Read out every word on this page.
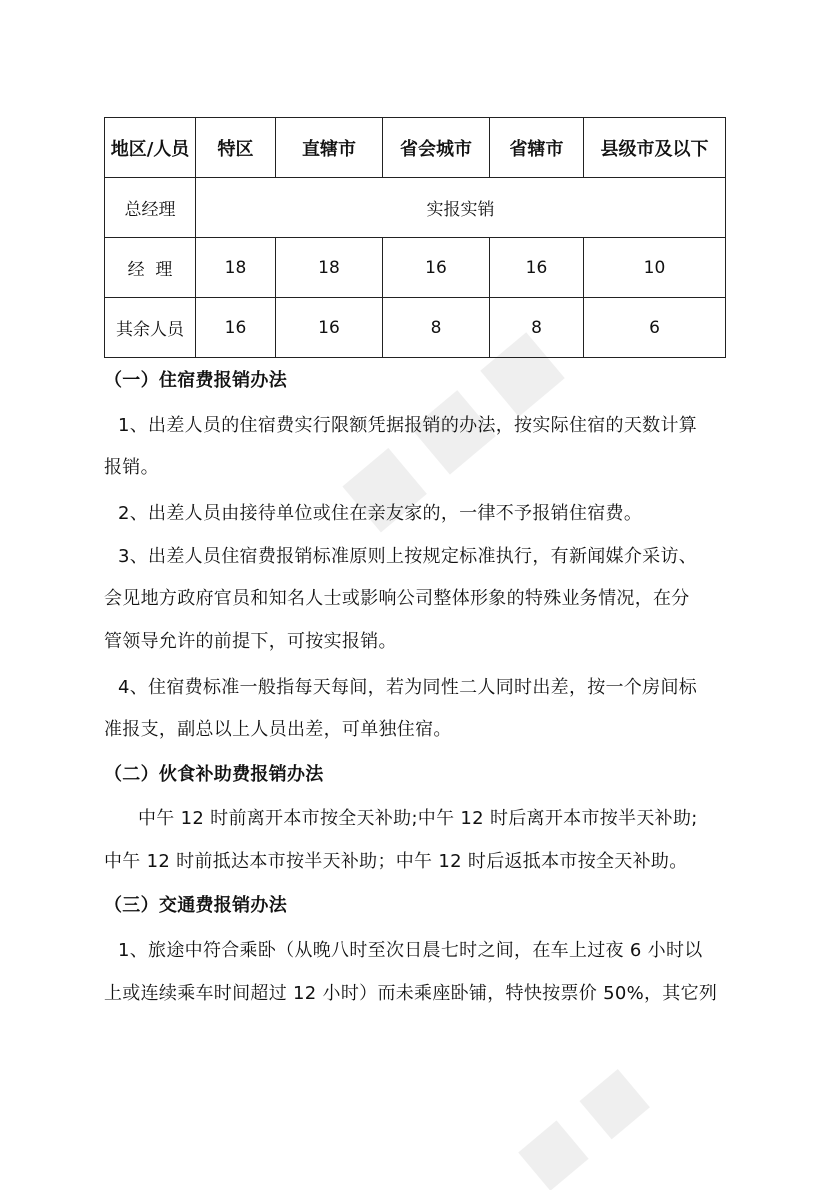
地区/人员	特区	直辖市	省会城市	省辖市	县级市及以下
总经理	实报实销				
经  理	18	18	16	16	10
其余人员	16	16	8	8	6
（一）住宿费报销办法
1、出差人员的住宿费实行限额凭据报销的办法，按实际住宿的天数计算
报销。
2、出差人员由接待单位或住在亲友家的，一律不予报销住宿费。
3、出差人员住宿费报销标准原则上按规定标准执行，有新闻媒介采访、
会见地方政府官员和知名人士或影响公司整体形象的特殊业务情况，在分
管领导允许的前提下，可按实报销。
4、住宿费标准一般指每天每间，若为同性二人同时出差，按一个房间标
准报支，副总以上人员出差，可单独住宿。
（二）伙食补助费报销办法
中午 12 时前离开本市按全天补助;中午 12 时后离开本市按半天补助;
中午 12 时前抵达本市按半天补助；中午 12 时后返抵本市按全天补助。
（三）交通费报销办法
1、旅途中符合乘卧（从晚八时至次日晨七时之间，在车上过夜 6 小时以
上或连续乘车时间超过 12 小时）而未乘座卧铺，特快按票价 50%，其它列
